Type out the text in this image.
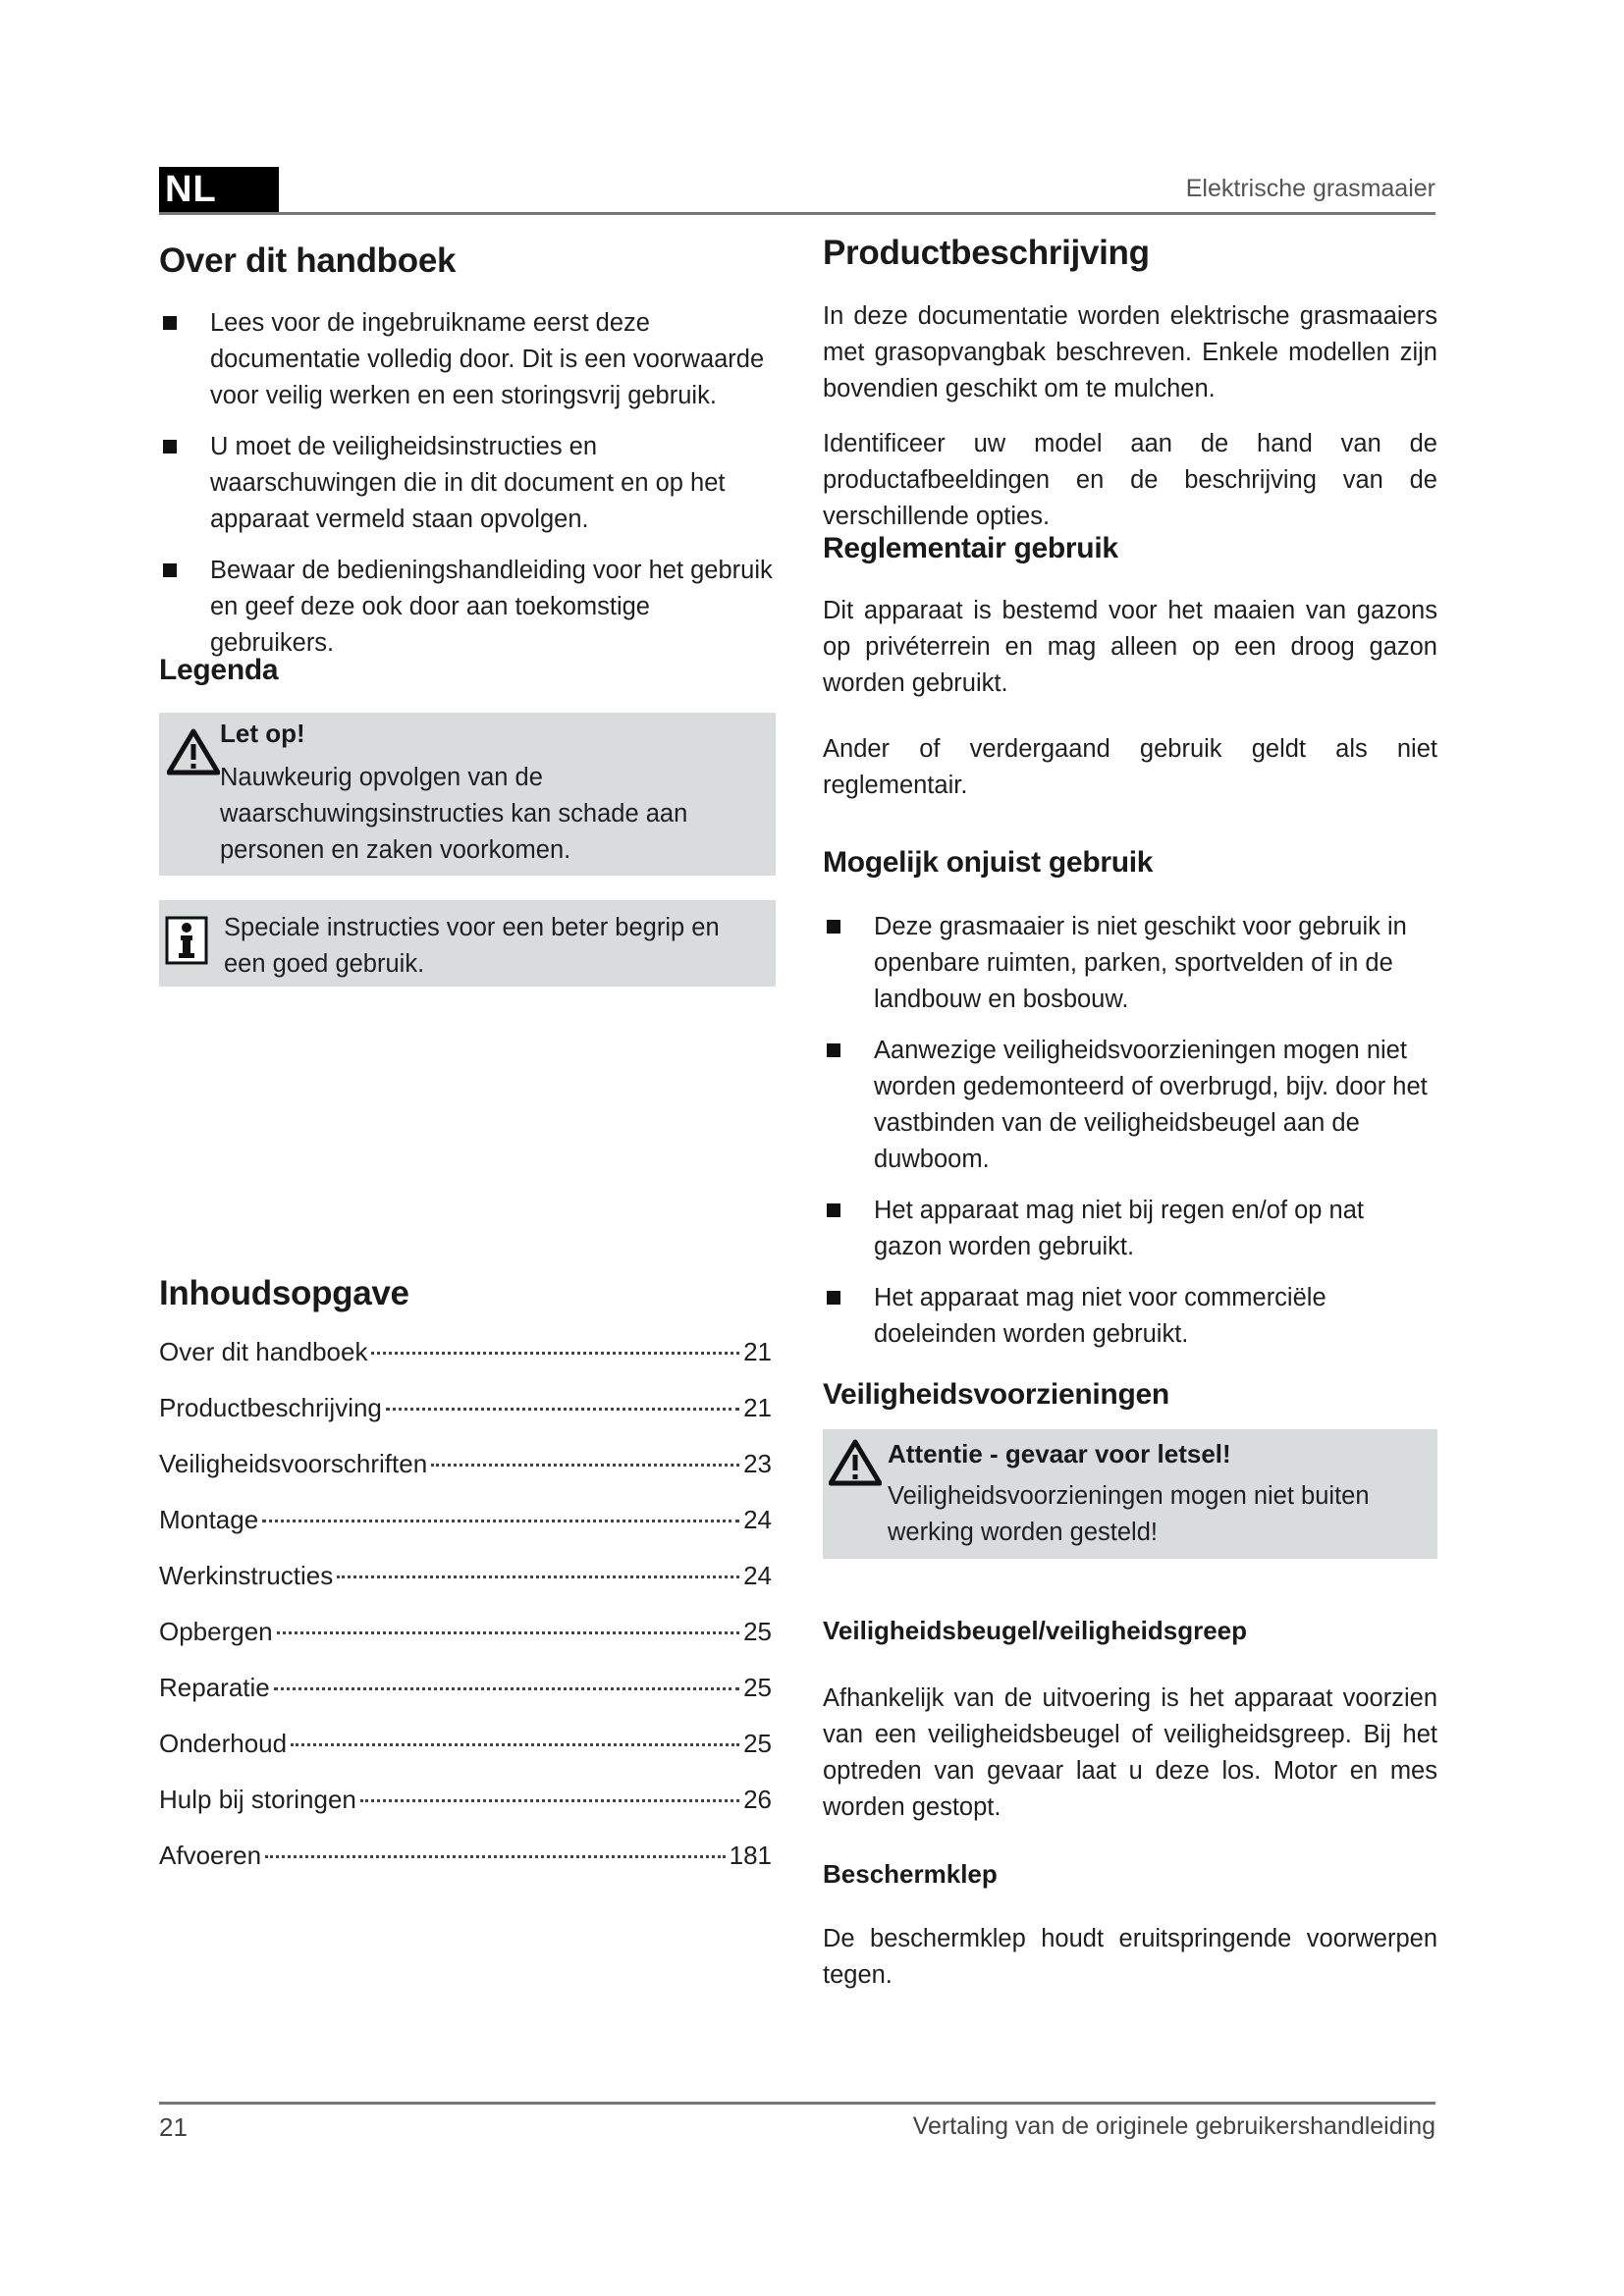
NL	Elektrische grasmaaier
Over dit handboek
Lees voor de ingebruikname eerst deze documentatie volledig door. Dit is een voorwaarde voor veilig werken en een storingsvrij gebruik.
U moet de veiligheidsinstructies en waarschuwingen die in dit document en op het apparaat vermeld staan opvolgen.
Bewaar de bedieningshandleiding voor het gebruik en geef deze ook door aan toekomstige gebruikers.
Legenda
Let op!
Nauwkeurig opvolgen van de waarschuwingsinstructies kan schade aan personen en zaken voorkomen.
Speciale instructies voor een beter begrip en een goed gebruik.
Inhoudsopgave
Over dit handboek	21
Productbeschrijving	21
Veiligheidsvoorschriften	23
Montage	24
Werkinstructies	24
Opbergen	25
Reparatie	25
Onderhoud	25
Hulp bij storingen	26
Afvoeren	181
Productbeschrijving

In deze documentatie worden elektrische grasmaaiers met grasopvangbak beschreven. Enkele modellen zijn bovendien geschikt om te mulchen.

Identificeer uw model aan de hand van de productafbeeldingen en de beschrijving van de verschillende opties.

Reglementair gebruik

Dit apparaat is bestemd voor het maaien van gazons op privéterrein en mag alleen op een droog gazon worden gebruikt.

Ander of verdergaand gebruik geldt als niet reglementair.

Mogelijk onjuist gebruik
Deze grasmaaier is niet geschikt voor gebruik in openbare ruimten, parken, sportvelden of in de landbouw en bosbouw.
Aanwezige veiligheidsvoorzieningen mogen niet worden gedemonteerd of overbrugd, bijv. door het vastbinden van de veiligheidsbeugel aan de duwboom.
Het apparaat mag niet bij regen en/of op nat gazon worden gebruikt.
Het apparaat mag niet voor commerciële doeleinden worden gebruikt.
Veiligheidsvoorzieningen
Attentie - gevaar voor letsel!
Veiligheidsvoorzieningen mogen niet buiten werking worden gesteld!
Veiligheidsbeugel/veiligheidsgreep

Afhankelijk van de uitvoering is het apparaat voorzien van een veiligheidsbeugel of veiligheidsgreep. Bij het optreden van gevaar laat u deze los. Motor en mes worden gestopt.

Beschermklep

De beschermklep houdt eruitspringende voorwerpen tegen.

21	Vertaling van de originele gebruikershandleiding
